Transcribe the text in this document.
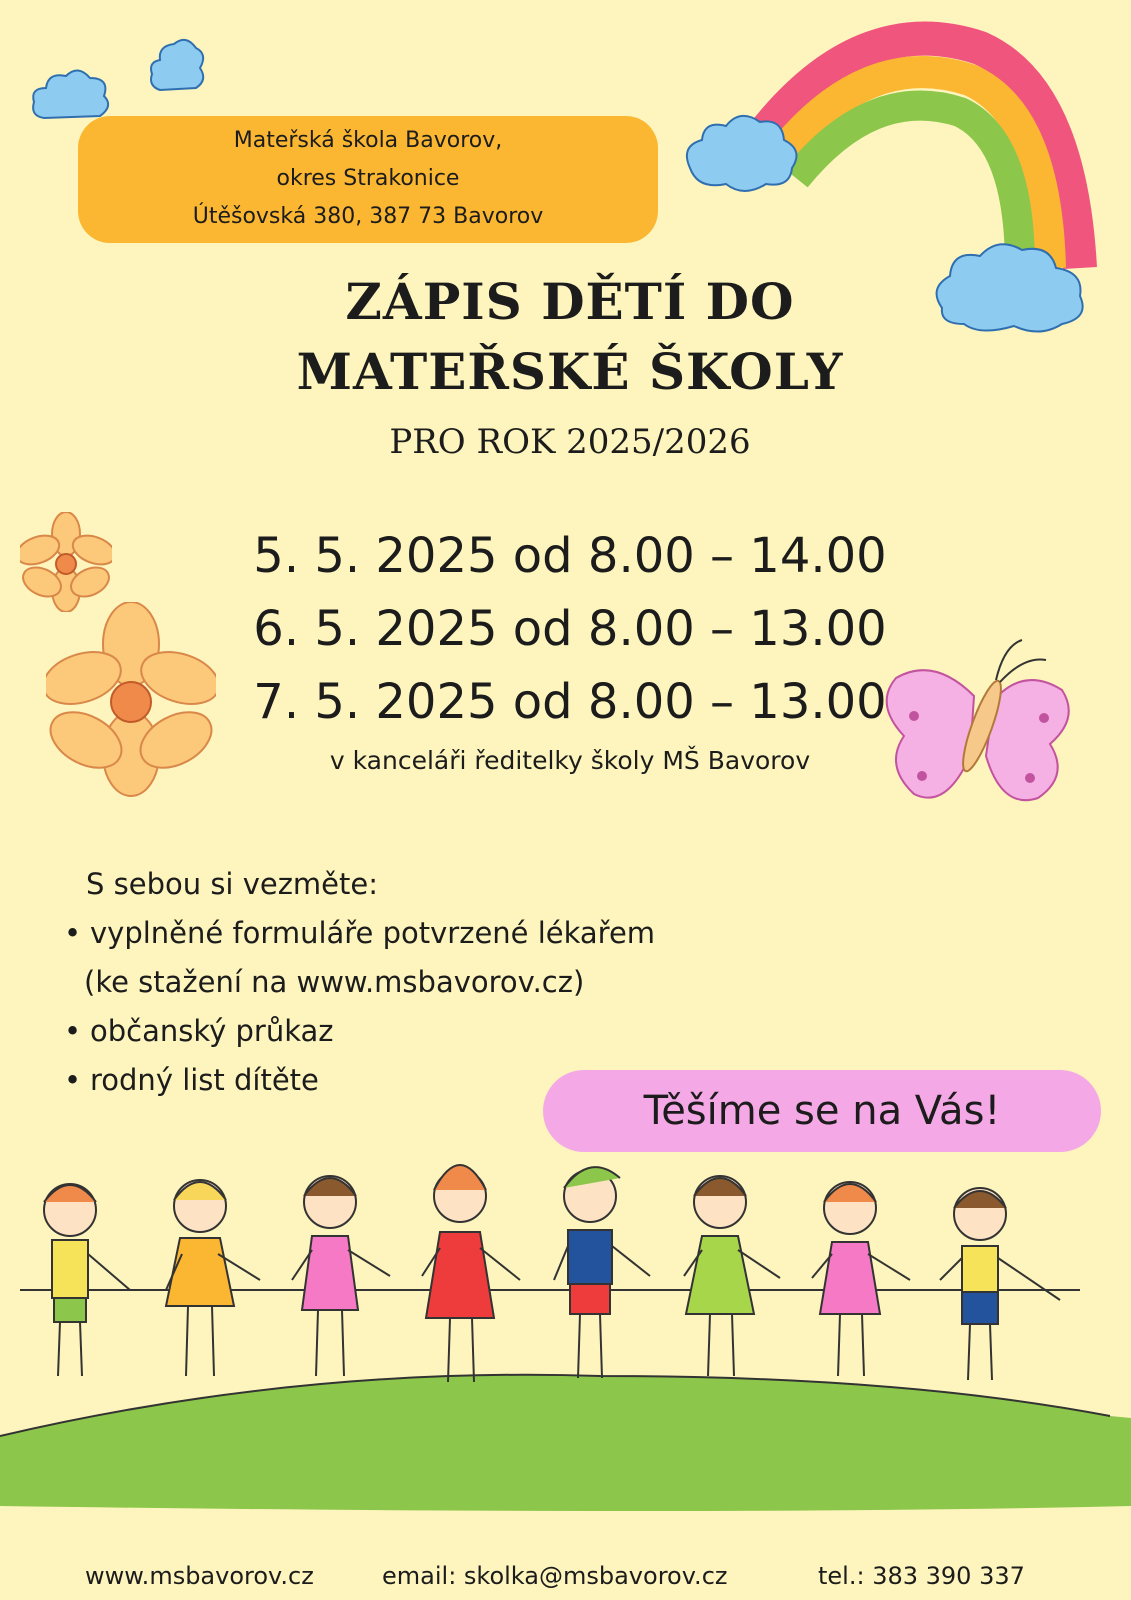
Mateřská škola Bavorov,
okres Strakonice
Útěšovská 380, 387 73 Bavorov
ZÁPIS DĚTÍ DO
MATEŘSKÉ ŠKOLY
PRO ROK 2025/2026
5. 5. 2025 od 8.00 – 14.00
6. 5. 2025 od 8.00 – 13.00
7. 5. 2025 od 8.00 – 13.00
v kanceláři ředitelky školy MŠ Bavorov
S sebou si vezměte:
• vyplněné formuláře potvrzené lékařem
(ke stažení na www.msbavorov.cz)
• občanský průkaz
• rodný list dítěte
Těšíme se na Vás!
www.msbavorov.cz	email: skolka@msbavorov.cz	tel.: 383 390 337
